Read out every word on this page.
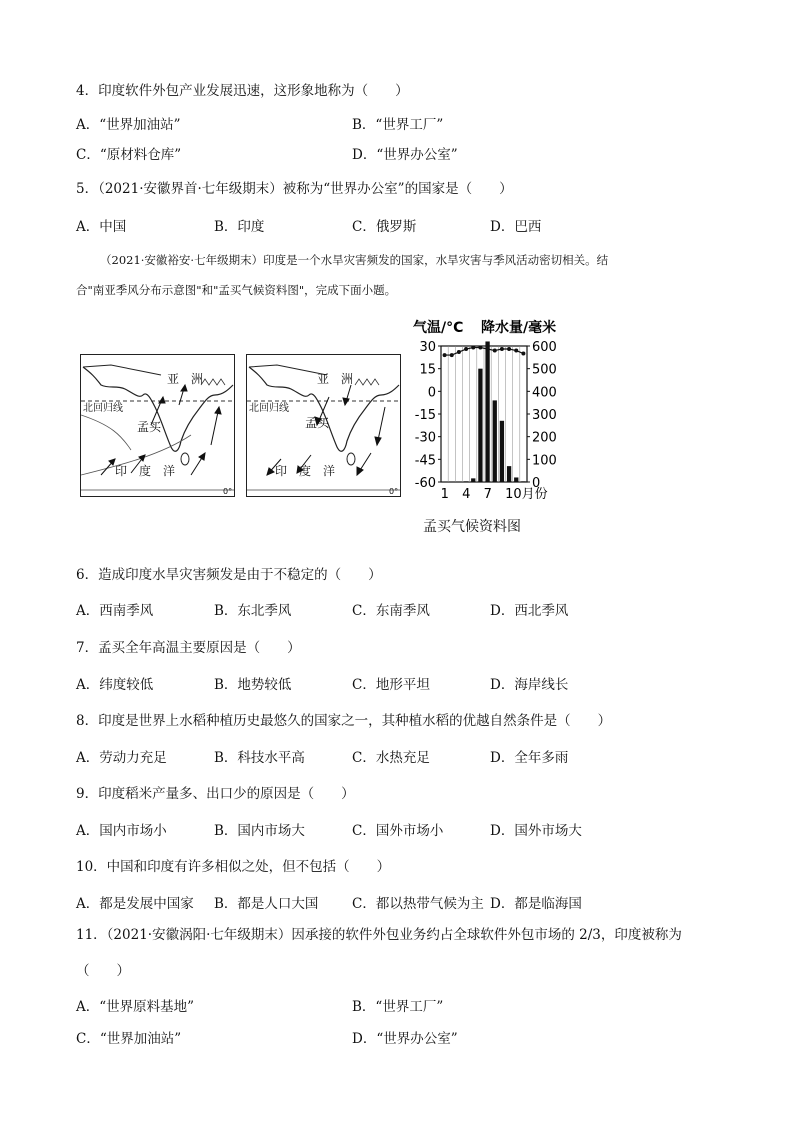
4．印度软件外包产业发展迅速，这形象地称为（　　）
A．“世界加油站”	B．“世界工厂”
C．“原材料仓库”	D．“世界办公室”
5．（2021·安徽界首·七年级期末）被称为“世界办公室”的国家是（　　）
A．中国	B．印度	C．俄罗斯	D．巴西
（2021·安徽裕安·七年级期末）印度是一个水旱灾害频发的国家，水旱灾害与季风活动密切相关。结
合"南亚季风分布示意图"和"孟买气候资料图"，完成下面小题。
亚　洲
北回归线
孟买
印　度　洋
0°
亚　洲
北回归线
孟买
印　度　洋
0°
气温/°C 降水量/毫米
30
15
0
-15
-30
-45
-60
600
500
400
300
200
100
0
1 4 7 10月份
孟买气候资料图
6．造成印度水旱灾害频发是由于不稳定的（　　）
A．西南季风	B．东北季风	C．东南季风	D．西北季风
7．孟买全年高温主要原因是（　　）
A．纬度较低	B．地势较低	C．地形平坦	D．海岸线长
8．印度是世界上水稻种植历史最悠久的国家之一，其种植水稻的优越自然条件是（　　）
A．劳动力充足	B．科技水平高	C．水热充足	D．全年多雨
9．印度稻米产量多、出口少的原因是（　　）
A．国内市场小	B．国内市场大	C．国外市场小	D．国外市场大
10．中国和印度有许多相似之处，但不包括（　　）
A．都是发展中国家 B．都是人口大国 C．都以热带气候为主 D．都是临海国
11．（2021·安徽涡阳·七年级期末）因承接的软件外包业务约占全球软件外包市场的 2/3，印度被称为
（　　）
A．“世界原料基地”	B．“世界工厂”
C．“世界加油站”	D．“世界办公室”
